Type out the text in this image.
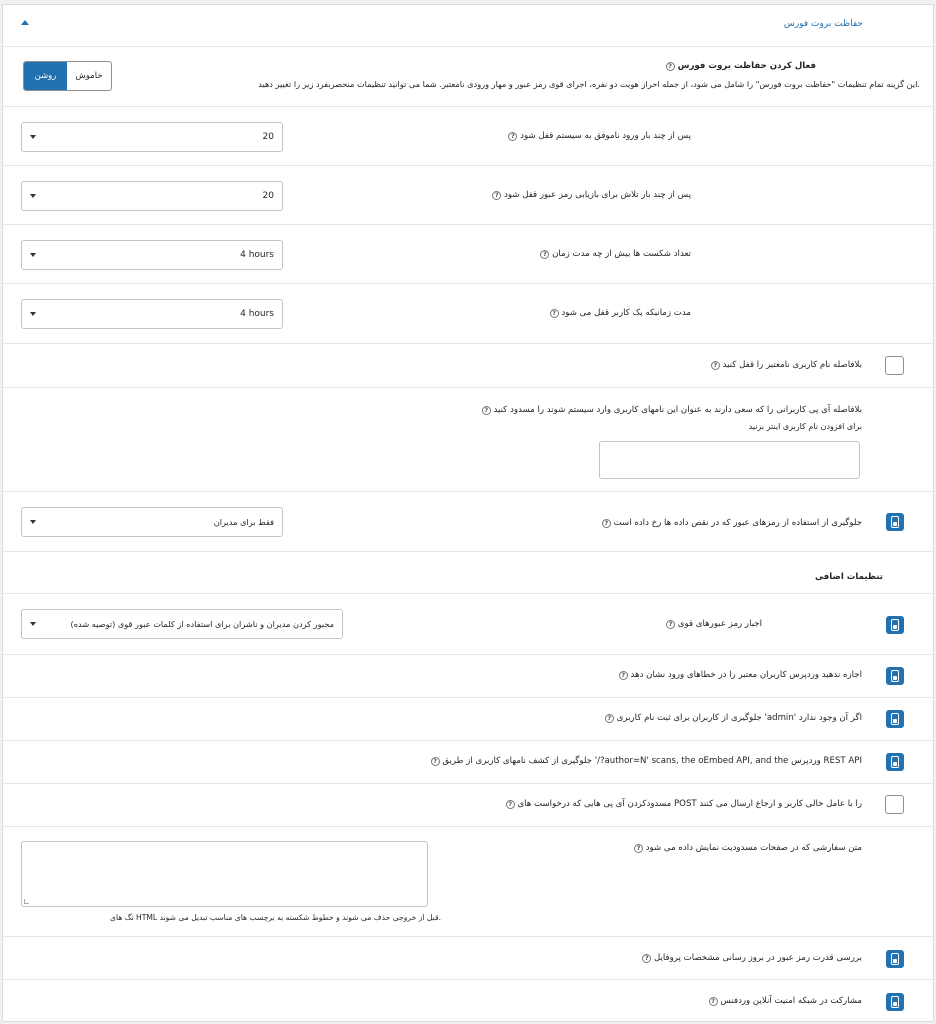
حفاظت بروت فورس
? فعال کردن حفاظت بروت فورس
این گزینه تمام تنظیمات "حفاظت بروت فورس" را شامل می شود، از جمله احراز هویت دو نفره، اجرای قوی رمز عبور و مهار ورودی نامعتبر. شما می توانید تنظیمات منحصربفرد زیر را تغییر دهید.
روشن	خاموش
20	? پس از چند بار ورود ناموفق به سیستم قفل شود
20	? پس از چند بار تلاش برای بازیابی رمز عبور قفل شود
4 hours	? تعداد شکست ها بیش از چه مدت زمان
4 hours	? مدت زمانیکه یک کاربر قفل می شود
? بلافاصله نام کاربری نامعتبر را قفل کنید
? بلافاصله آی پی کاربرانی را که سعی دارند به عنوان این نامهای کاربری وارد سیستم شوند را مسدود کنید
برای افزودن نام کاربری اینتر بزنید
فقط برای مدیران	? جلوگیری از استفاده از رمزهای عبور که در نقص داده ها رخ داده است
تنظیمات اضافی
مجبور کردن مدیران و ناشران برای استفاده از کلمات عبور قوی (توصیه شده)	? اجبار رمز عبورهای قوی
? اجازه ندهید وردپرس کاربران معتبر را در خطاهای ورود نشان دهد
? جلوگیری از کاربران برای ثبت نام کاربری 'admin' اگر آن وجود ندارد
? جلوگیری از کشف نامهای کاربری از طریق '/?author=N' scans, the oEmbed API, and the وردپرس REST API
? مسدودکردن آی پی هایی که درخواست های POST را با عامل خالی کاربر و ارجاع ارسال می کنند
? متن سفارشی که در صفحات مسدودیت نمایش داده می شود
تگ های HTML قبل از خروجی حذف می شوند و خطوط شکسته به برچسب های مناسب تبدیل می شوند.
? بررسی قدرت رمز عبور در بروز رسانی مشخصات پروفایل
? مشارکت در شبکه امنیت آنلاین وردفنس
